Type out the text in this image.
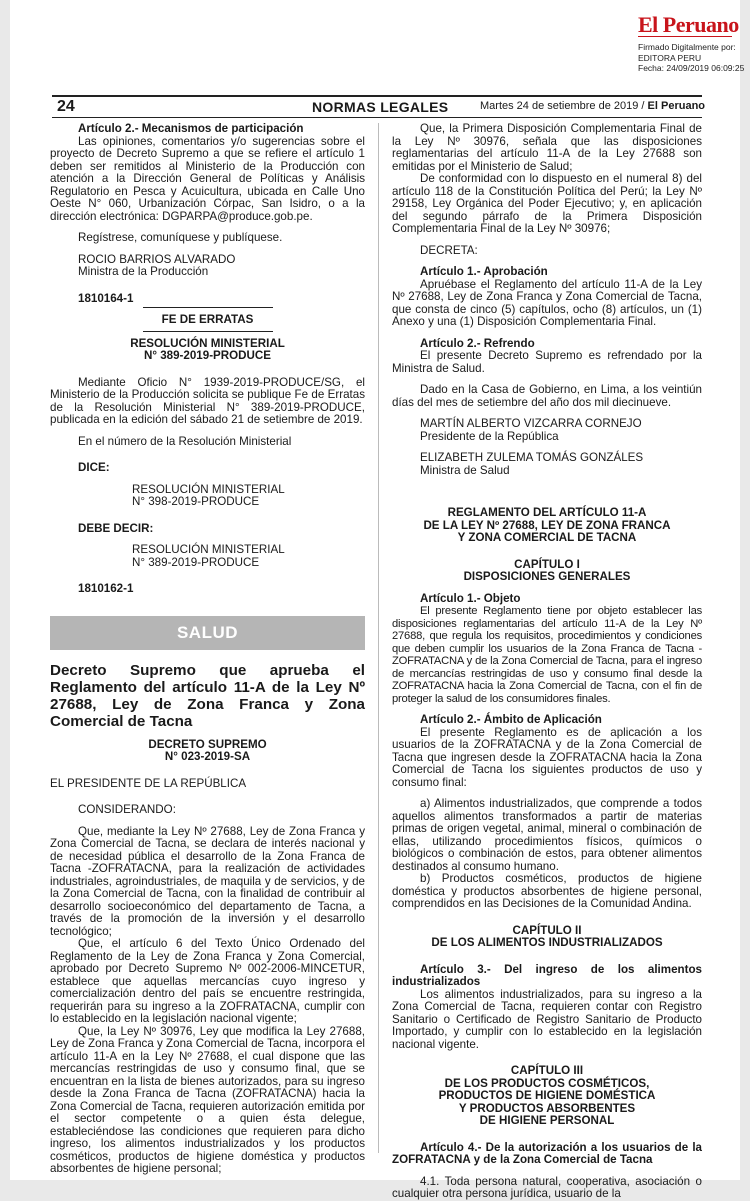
El Peruano
Firmado Digitalmente por:
EDITORA PERU
Fecha: 24/09/2019 06:09:25
24	NORMAS LEGALES	Martes 24 de setiembre de 2019 / El Peruano

Artículo 2.- Mecanismos de participación

Las opiniones, comentarios y/o sugerencias sobre el proyecto de Decreto Supremo a que se refiere el artículo 1 deben ser remitidos al Ministerio de la Producción con atención a la Dirección General de Políticas y Análisis Regulatorio en Pesca y Acuicultura, ubicada en Calle Uno Oeste N° 060, Urbanización Córpac, San Isidro, o a la dirección electrónica: DGPARPA@produce.gob.pe.

Regístrese, comuníquese y publíquese.

ROCIO BARRIOS ALVARADO

Ministra de la Producción

1810164-1

FE DE ERRATAS

RESOLUCIÓN MINISTERIAL

N° 389-2019-PRODUCE

Mediante Oficio N° 1939-2019-PRODUCE/SG, el Ministerio de la Producción solicita se publique Fe de Erratas de la Resolución Ministerial N° 389-2019-PRODUCE, publicada en la edición del sábado 21 de setiembre de 2019.

En el número de la Resolución Ministerial

DICE:

RESOLUCIÓN MINISTERIAL

N° 398-2019-PRODUCE

DEBE DECIR:

RESOLUCIÓN MINISTERIAL

N° 389-2019-PRODUCE

1810162-1

SALUD

Decreto Supremo que aprueba el Reglamento del artículo 11-A de la Ley Nº 27688, Ley de Zona Franca y Zona Comercial de Tacna

DECRETO SUPREMO

N° 023-2019-SA

EL PRESIDENTE DE LA REPÚBLICA

CONSIDERANDO:

Que, mediante la Ley Nº 27688, Ley de Zona Franca y Zona Comercial de Tacna, se declara de interés nacional y de necesidad pública el desarrollo de la Zona Franca de Tacna -ZOFRATACNA, para la realización de actividades industriales, agroindustriales, de maquila y de servicios, y de la Zona Comercial de Tacna, con la finalidad de contribuir al desarrollo socioeconómico del departamento de Tacna, a través de la promoción de la inversión y el desarrollo tecnológico;

Que, el artículo 6 del Texto Único Ordenado del Reglamento de la Ley de Zona Franca y Zona Comercial, aprobado por Decreto Supremo Nº 002-2006-MINCETUR, establece que aquellas mercancías cuyo ingreso y comercialización dentro del país se encuentre restringida, requerirán para su ingreso a la ZOFRATACNA, cumplir con lo establecido en la legislación nacional vigente;

Que, la Ley Nº 30976, Ley que modifica la Ley 27688, Ley de Zona Franca y Zona Comercial de Tacna, incorpora el artículo 11-A en la Ley Nº 27688, el cual dispone que las mercancías restringidas de uso y consumo final, que se encuentran en la lista de bienes autorizados, para su ingreso desde la Zona Franca de Tacna (ZOFRATACNA) hacia la Zona Comercial de Tacna, requieren autorización emitida por el sector competente o a quien ésta delegue, estableciéndose las condiciones que requieren para dicho ingreso, los alimentos industrializados y los productos cosméticos, productos de higiene doméstica y productos absorbentes de higiene personal;

Que, la Primera Disposición Complementaria Final de la Ley Nº 30976, señala que las disposiciones reglamentarias del artículo 11-A de la Ley 27688 son emitidas por el Ministerio de Salud;

De conformidad con lo dispuesto en el numeral 8) del artículo 118 de la Constitución Política del Perú; la Ley Nº 29158, Ley Orgánica del Poder Ejecutivo; y, en aplicación del segundo párrafo de la Primera Disposición Complementaria Final de la Ley Nº 30976;

DECRETA:

Artículo 1.- Aprobación

Apruébase el Reglamento del artículo 11-A de la Ley Nº 27688, Ley de Zona Franca y Zona Comercial de Tacna, que consta de cinco (5) capítulos, ocho (8) artículos, un (1) Anexo y una (1) Disposición Complementaria Final.

Artículo 2.- Refrendo

El presente Decreto Supremo es refrendado por la Ministra de Salud.

Dado en la Casa de Gobierno, en Lima, a los veintiún días del mes de setiembre del año dos mil diecinueve.

MARTÍN ALBERTO VIZCARRA CORNEJO

Presidente de la República

ELIZABETH ZULEMA TOMÁS GONZÁLES

Ministra de Salud

REGLAMENTO DEL ARTÍCULO 11-A

DE LA LEY Nº 27688, LEY DE ZONA FRANCA

Y ZONA COMERCIAL DE TACNA

CAPÍTULO I

DISPOSICIONES GENERALES

Artículo 1.- Objeto

El presente Reglamento tiene por objeto establecer las disposiciones reglamentarias del artículo 11-A de la Ley Nº 27688, que regula los requisitos, procedimientos y condiciones que deben cumplir los usuarios de la Zona Franca de Tacna - ZOFRATACNA y de la Zona Comercial de Tacna, para el ingreso de mercancías restringidas de uso y consumo final desde la ZOFRATACNA hacia la Zona Comercial de Tacna, con el fin de proteger la salud de los consumidores finales.

Artículo 2.- Ámbito de Aplicación

El presente Reglamento es de aplicación a los usuarios de la ZOFRATACNA y de la Zona Comercial de Tacna que ingresen desde la ZOFRATACNA hacia la Zona Comercial de Tacna los siguientes productos de uso y consumo final:

a) Alimentos industrializados, que comprende a todos aquellos alimentos transformados a partir de materias primas de origen vegetal, animal, mineral o combinación de ellas, utilizando procedimientos físicos, químicos o biológicos o combinación de estos, para obtener alimentos destinados al consumo humano.

b) Productos cosméticos, productos de higiene doméstica y productos absorbentes de higiene personal, comprendidos en las Decisiones de la Comunidad Andina.

CAPÍTULO II

DE LOS ALIMENTOS INDUSTRIALIZADOS

Artículo 3.- Del ingreso de los alimentos industrializados

Los alimentos industrializados, para su ingreso a la Zona Comercial de Tacna, requieren contar con Registro Sanitario o Certificado de Registro Sanitario de Producto Importado, y cumplir con lo establecido en la legislación nacional vigente.

CAPÍTULO III

DE LOS PRODUCTOS COSMÉTICOS,

PRODUCTOS DE HIGIENE DOMÉSTICA

Y PRODUCTOS ABSORBENTES

DE HIGIENE PERSONAL

Artículo 4.- De la autorización a los usuarios de la ZOFRATACNA y de la Zona Comercial de Tacna

4.1. Toda persona natural, cooperativa, asociación o cualquier otra persona jurídica, usuario de la
